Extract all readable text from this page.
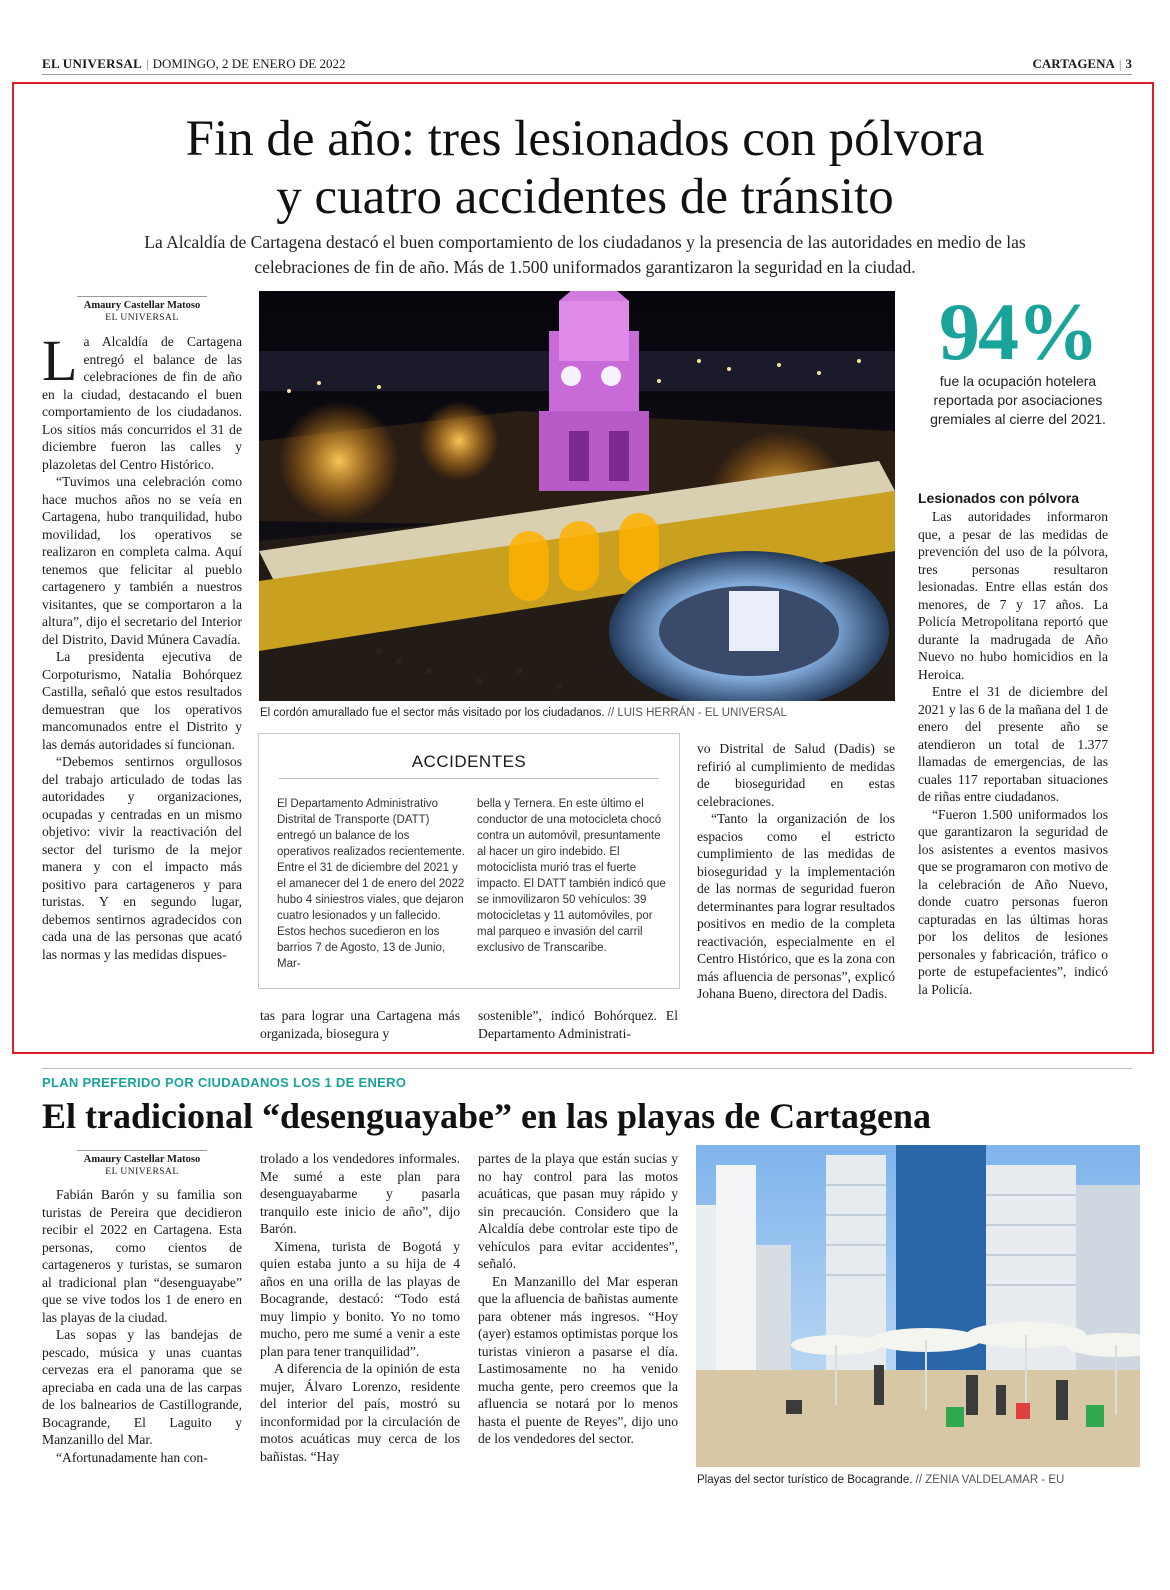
EL UNIVERSAL | DOMINGO, 2 DE ENERO DE 2022	CARTAGENA | 3
Fin de año: tres lesionados con pólvora
y cuatro accidentes de tránsito
La Alcaldía de Cartagena destacó el buen comportamiento de los ciudadanos y la presencia de las autoridades en medio de las celebraciones de fin de año. Más de 1.500 uniformados garantizaron la seguridad en la ciudad.
Amaury Castellar Matoso
EL UNIVERSAL

La Alcaldía de Cartagena entregó el balance de las celebraciones de fin de año en la ciudad, destacando el buen comportamiento de los ciudadanos. Los sitios más concurridos el 31 de diciembre fueron las calles y plazoletas del Centro Histórico.

“Tuvimos una celebración como hace muchos años no se veía en Cartagena, hubo tranquilidad, hubo movilidad, los operativos se realizaron en completa calma. Aquí tenemos que felicitar al pueblo cartagenero y también a nuestros visitantes, que se comportaron a la altura”, dijo el secretario del Interior del Distrito, David Múnera Cavadía.

La presidenta ejecutiva de Corpoturismo, Natalia Bohórquez Castilla, señaló que estos resultados demuestran que los operativos mancomunados entre el Distrito y las demás autoridades sí funcionan.

“Debemos sentirnos orgullosos del trabajo articulado de todas las autoridades y organizaciones, ocupadas y centradas en un mismo objetivo: vivir la reactivación del sector del turismo de la mejor manera y con el impacto más positivo para cartageneros y para turistas. Y en segundo lugar, debemos sentirnos agradecidos con cada una de las personas que acató las normas y las medidas dispues-

El cordón amurallado fue el sector más visitado por los ciudadanos. // LUIS HERRÁN - EL UNIVERSAL
94%
fue la ocupación hotelera reportada por asociaciones gremiales al cierre del 2021.
Lesionados con pólvora

Las autoridades informaron que, a pesar de las medidas de prevención del uso de la pólvora, tres personas resultaron lesionadas. Entre ellas están dos menores, de 7 y 17 años. La Policía Metropolitana reportó que durante la madrugada de Año Nuevo no hubo homicidios en la Heroica.

Entre el 31 de diciembre del 2021 y las 6 de la mañana del 1 de enero del presente año se atendieron un total de 1.377 llamadas de emergencias, de las cuales 117 reportaban situaciones de riñas entre ciudadanos.

“Fueron 1.500 uniformados los que garantizaron la seguridad de los asistentes a eventos masivos que se programaron con motivo de la celebración de Año Nuevo, donde cuatro personas fueron capturadas en las últimas horas por los delitos de lesiones personales y fabricación, tráfico o porte de estupefacientes”, indicó la Policía.

ACCIDENTES

El Departamento Administrativo Distrital de Transporte (DATT) entregó un balance de los operativos realizados recientemente.

Entre el 31 de diciembre del 2021 y el amanecer del 1 de enero del 2022 hubo 4 siniestros viales, que dejaron cuatro lesionados y un fallecido. Estos hechos sucedieron en los barrios 7 de Agosto, 13 de Junio, Mar-

bella y Ternera. En este último el conductor de una motocicleta chocó contra un automóvil, presuntamente al hacer un giro indebido. El motociclista murió tras el fuerte impacto. El DATT también indicó que se inmovilizaron 50 vehículos: 39 motocicletas y 11 automóviles, por mal parqueo e invasión del carril exclusivo de Transcaribe.

tas para lograr una Cartagena más organizada, biosegura y

sostenible”, indicó Bohórquez. El Departamento Administrati-

vo Distrital de Salud (Dadis) se refirió al cumplimiento de medidas de bioseguridad en estas celebraciones.

“Tanto la organización de los espacios como el estricto cumplimiento de las medidas de bioseguridad y la implementación de las normas de seguridad fueron determinantes para lograr resultados positivos en medio de la completa reactivación, especialmente en el Centro Histórico, que es la zona con más afluencia de personas”, explicó Johana Bueno, directora del Dadis.

PLAN PREFERIDO POR CIUDADANOS LOS 1 DE ENERO
El tradicional “desenguayabe” en las playas de Cartagena
Amaury Castellar Matoso
EL UNIVERSAL

Fabián Barón y su familia son turistas de Pereira que decidieron recibir el 2022 en Cartagena. Esta personas, como cientos de cartageneros y turistas, se sumaron al tradicional plan “desenguayabe” que se vive todos los 1 de enero en las playas de la ciudad.

Las sopas y las bandejas de pescado, música y unas cuantas cervezas era el panorama que se apreciaba en cada una de las carpas de los balnearios de Castillogrande, Bocagrande, El Laguito y Manzanillo del Mar.

“Afortunadamente han con-

trolado a los vendedores informales. Me sumé a este plan para desenguayabarme y pasarla tranquilo este inicio de año”, dijo Barón.

Ximena, turista de Bogotá y quien estaba junto a su hija de 4 años en una orilla de las playas de Bocagrande, destacó: “Todo está muy limpio y bonito. Yo no tomo mucho, pero me sumé a venir a este plan para tener tranquilidad”.

A diferencia de la opinión de esta mujer, Álvaro Lorenzo, residente del interior del país, mostró su inconformidad por la circulación de motos acuáticas muy cerca de los bañistas. “Hay

partes de la playa que están sucias y no hay control para las motos acuáticas, que pasan muy rápido y sin precaución. Considero que la Alcaldía debe controlar este tipo de vehículos para evitar accidentes”, señaló.

En Manzanillo del Mar esperan que la afluencia de bañistas aumente para obtener más ingresos. “Hoy (ayer) estamos optimistas porque los turistas vinieron a pasarse el día. Lastimosamente no ha venido mucha gente, pero creemos que la afluencia se notará por lo menos hasta el puente de Reyes”, dijo uno de los vendedores del sector.

Playas del sector turístico de Bocagrande. // ZENIA VALDELAMAR - EU
